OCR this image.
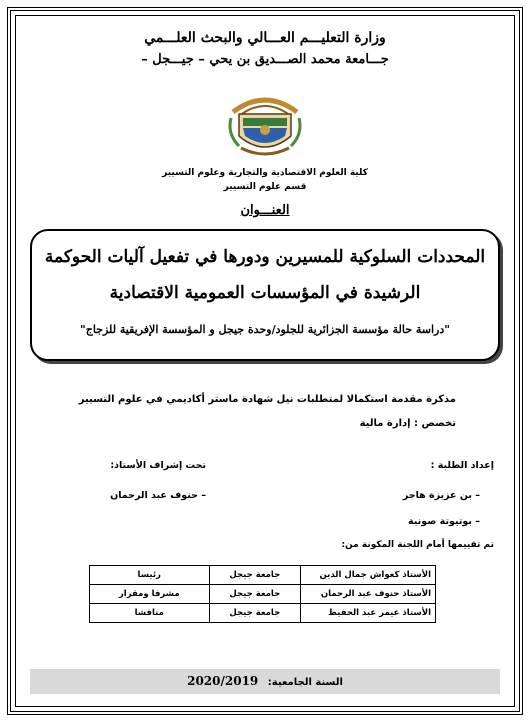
وزارة التعليـــم العـــالي والبحث العلـــمي
جـــامعة محمد الصـــديق بن يحي – جيـــجل –
كلية العلوم الاقتصادية والتجارية وعلوم التسيير
قسم علوم التسيير
العنـــوان
المحددات السلوكية للمسيرين ودورها في تفعيل آليات الحوكمة
الرشيدة في المؤسسات العمومية الاقتصادية
"دراسة حالة مؤسسة الجزائرية للجلود/وحدة جيجل و المؤسسة الإفريقية للزجاج"
مذكرة مقدمة استكمالا لمتطلبات نيل شهادة ماستر أكاديمي في علوم التسيير
تخصص : إدارة مالية
إعداد الطلبة :
– بن عزيزة هاجر
– بوتيوتة صونية
تحت إشراف الأستاذ:
– حنوف عبد الرحمان
تم تقييمها أمام اللجنة المكونة من:
الأستاذ كعواش جمال الدين	جامعة جيجل	رئيسا
الأستاذ حنوف عبد الرحمان	جامعة جيجل	مشرفا ومقرار
الأستاذ عيمر عبد الحفيظ	جامعة جيجل	مناقشا
السنة الجامعية: 2020/2019
